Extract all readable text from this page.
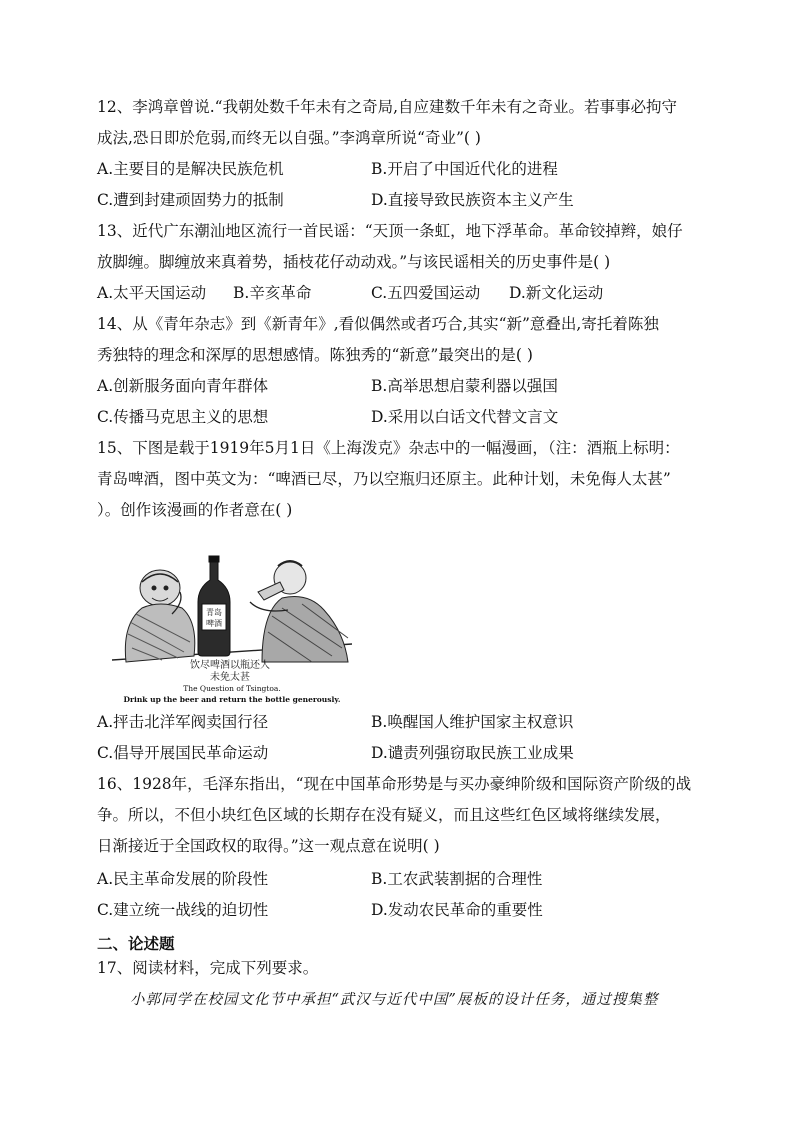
12、李鸿章曾说.“我朝处数千年未有之奇局,自应建数千年未有之奇业。若事事必拘守
成法,恐日即於危弱,而终无以自强。”李鸿章所说“奇业”( )
A.主要目的是解决民族危机	B.开启了中国近代化的进程
C.遭到封建顽固势力的抵制	D.直接导致民族资本主义产生
13、近代广东潮汕地区流行一首民谣：“天顶一条虹，地下浮革命。革命铰掉辫，娘仔
放脚缠。脚缠放来真着势，插枝花仔动动戏。”与该民谣相关的历史事件是( )
A.太平天国运动 B.辛亥革命	C.五四爱国运动 D.新文化运动
14、从《青年杂志》到《新青年》,看似偶然或者巧合,其实“新”意叠出,寄托着陈独
秀独特的理念和深厚的思想感情。陈独秀的“新意”最突出的是( )
A.创新服务面向青年群体	B.高举思想启蒙利器以强国
C.传播马克思主义的思想	D.采用以白话文代替文言文
15、下图是载于1919年5月1日《上海泼克》杂志中的一幅漫画，（注：酒瓶上标明：
青岛啤酒，图中英文为：“啤酒已尽，乃以空瓶归还原主。此种计划，未免侮人太甚”
）。创作该漫画的作者意在( )
青岛
啤酒
饮尽啤酒以瓶还人
未免太甚
The Question of Tsingtoa.
Drink up the beer and return the bottle generously.
A.抨击北洋军阀卖国行径	B.唤醒国人维护国家主权意识
C.倡导开展国民革命运动	D.谴责列强窃取民族工业成果
16、1928年，毛泽东指出，“现在中国革命形势是与买办豪绅阶级和国际资产阶级的战
争。所以，不但小块红色区域的长期存在没有疑义，而且这些红色区域将继续发展，
日渐接近于全国政权的取得。”这一观点意在说明( )
A.民主革命发展的阶段性	B.工农武装割据的合理性
C.建立统一战线的迫切性	D.发动农民革命的重要性
二、论述题
17、阅读材料，完成下列要求。
小郭同学在校园文化节中承担“武汉与近代中国”展板的设计任务，通过搜集整
